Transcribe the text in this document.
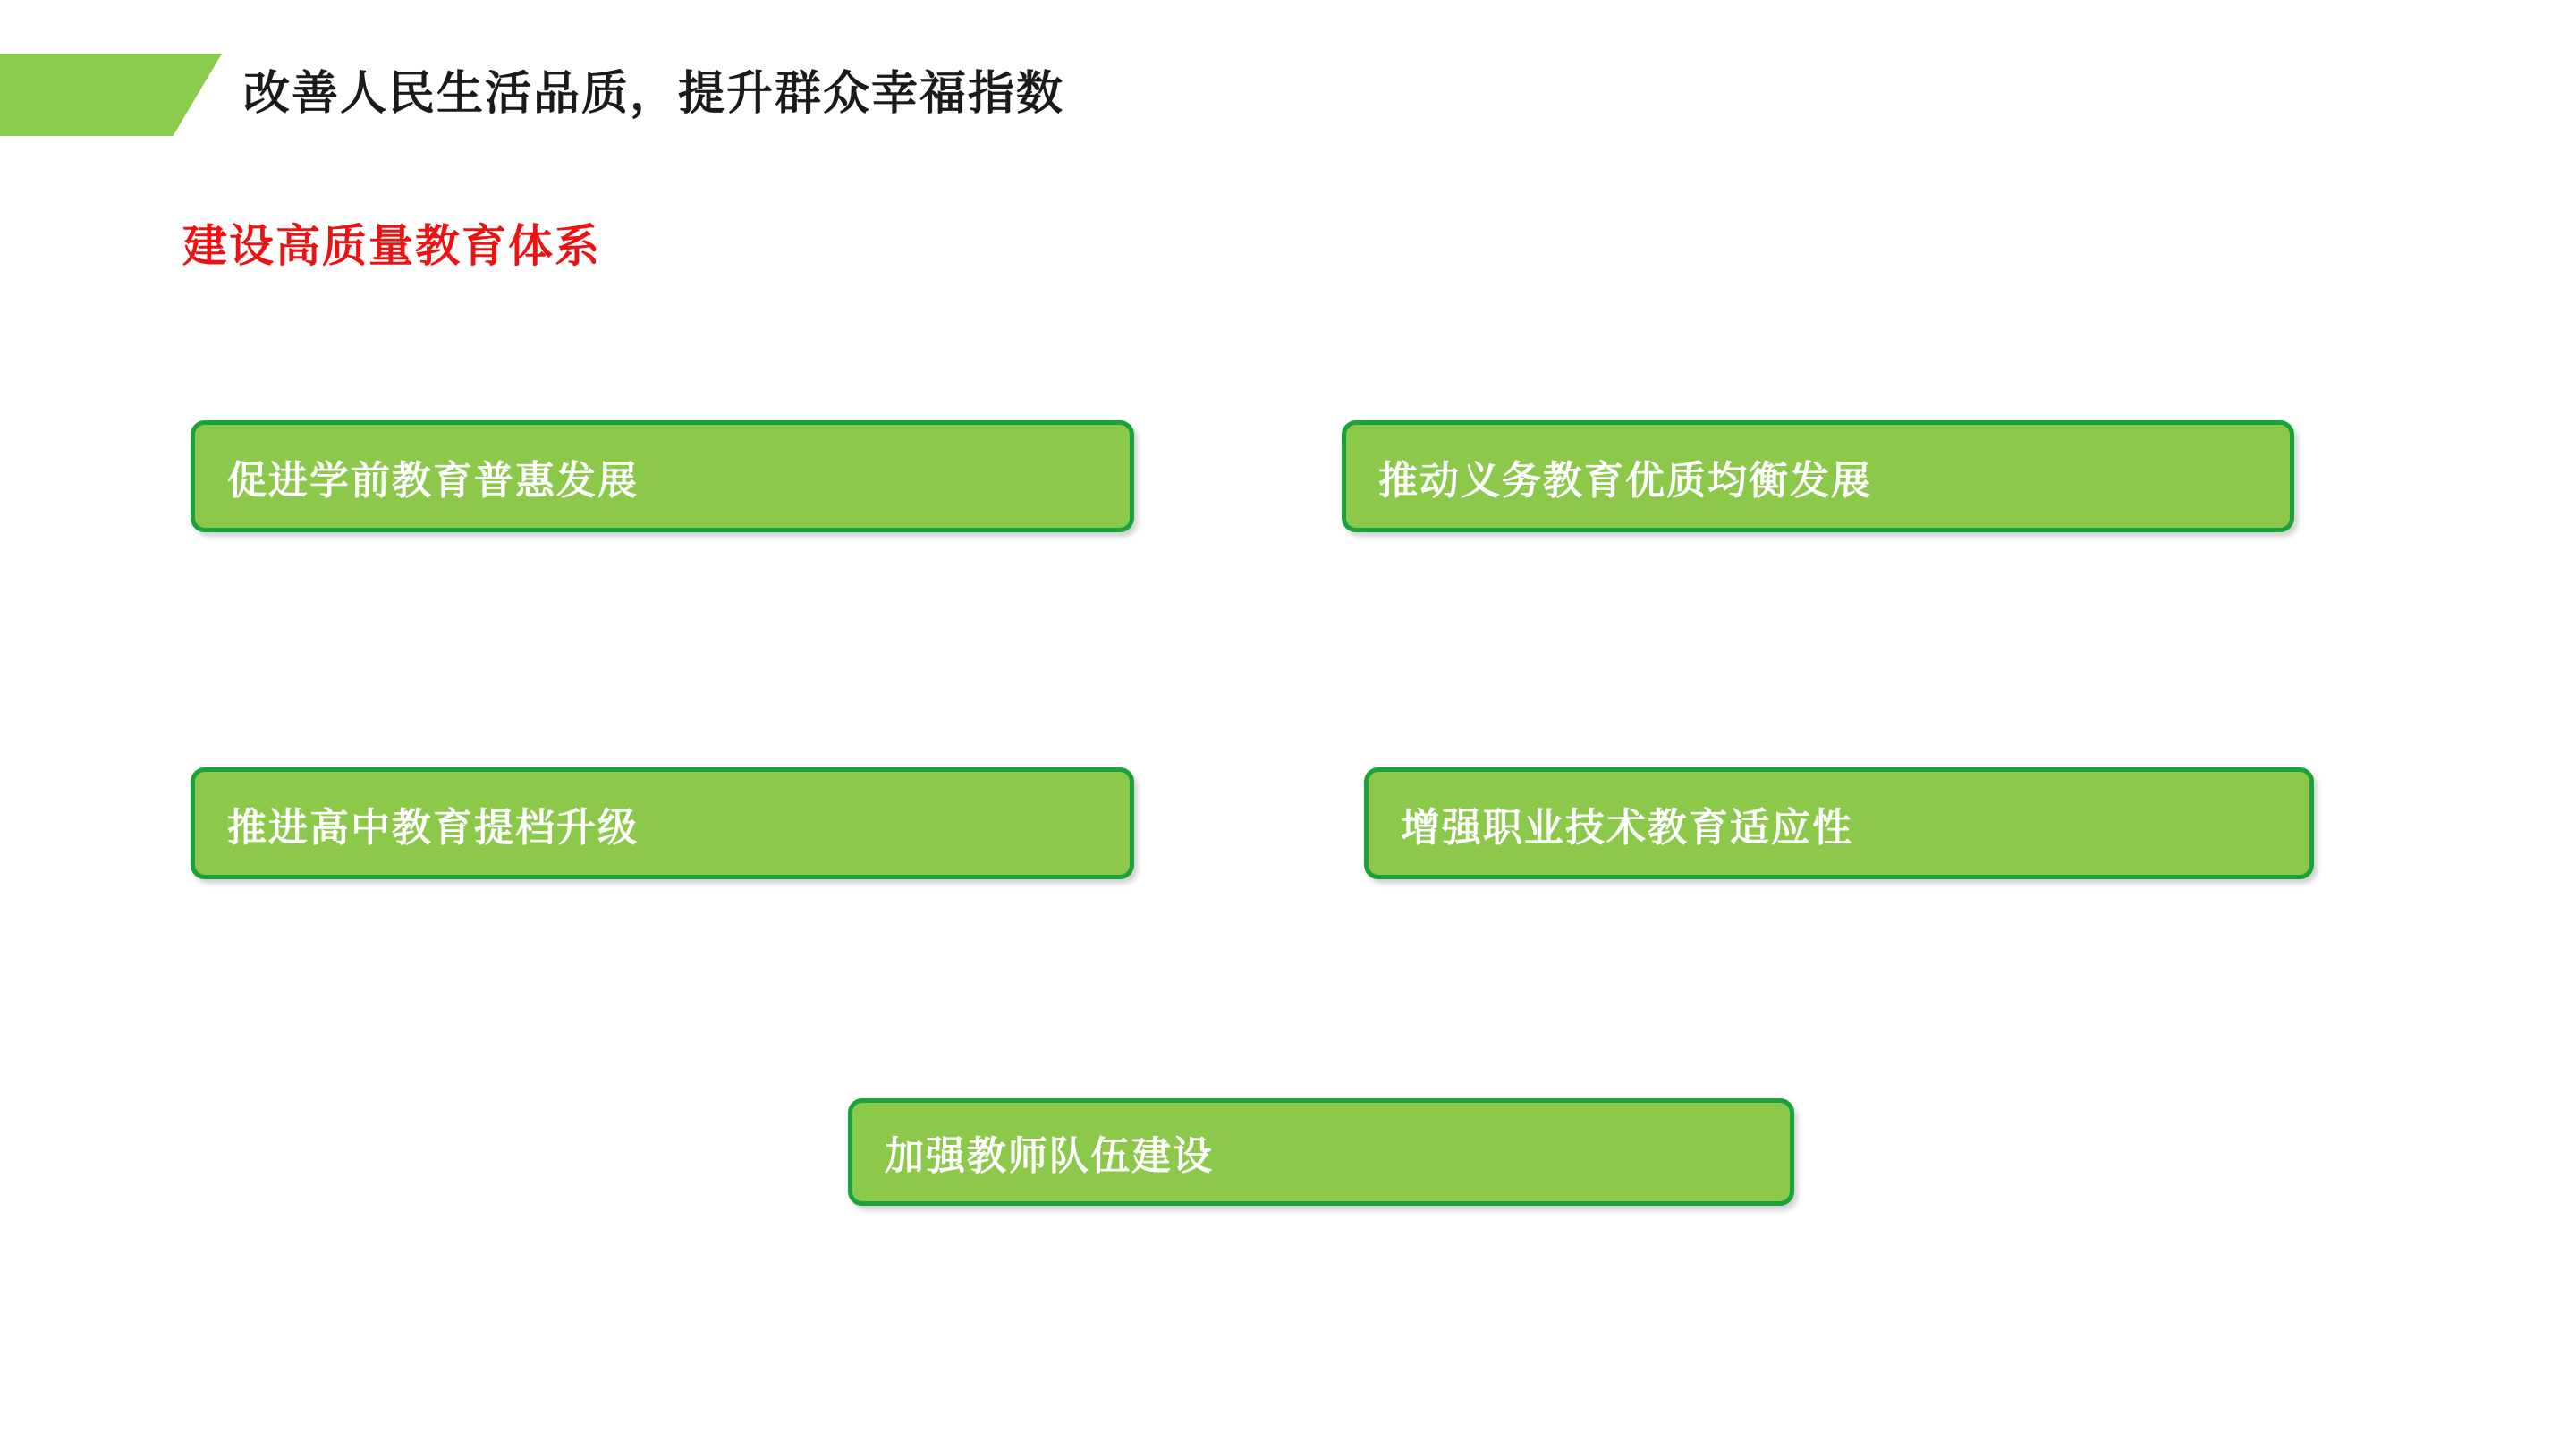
改善人民生活品质，提升群众幸福指数
建设高质量教育体系
促进学前教育普惠发展	推动义务教育优质均衡发展
推进高中教育提档升级	增强职业技术教育适应性
加强教师队伍建设
